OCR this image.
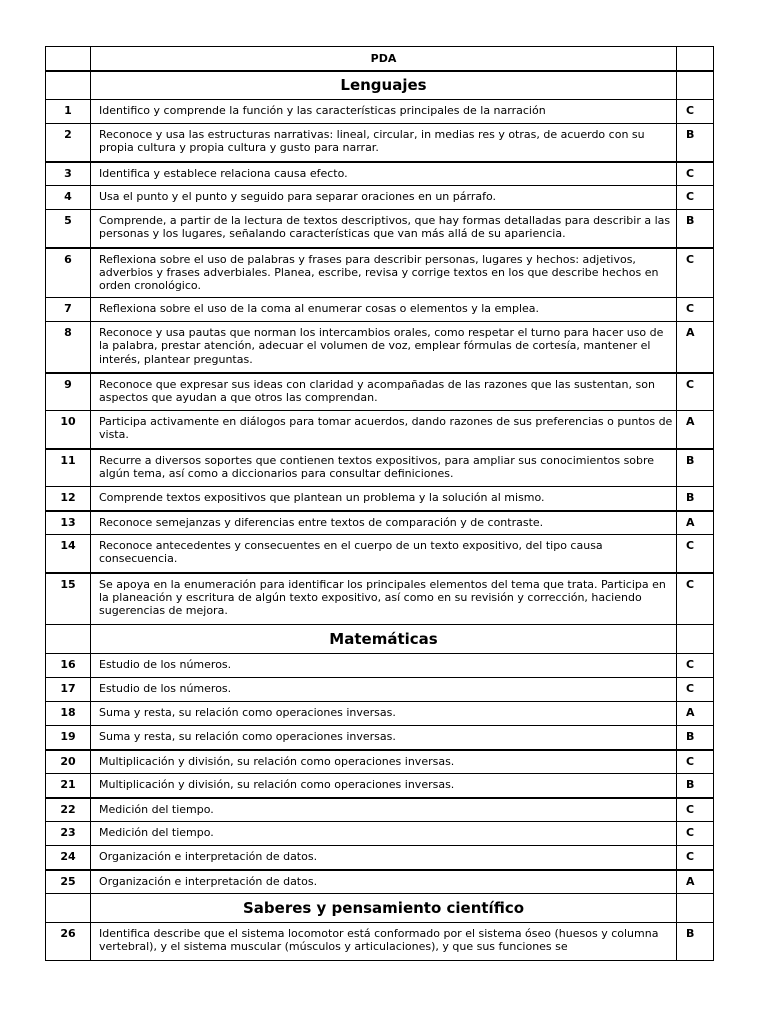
	PDA	
	Lenguajes	
1	Identifico y comprende la función y las características principales de la narración	C
2	Reconoce y usa las estructuras narrativas: lineal, circular, in medias res y otras, de acuerdo con su propia cultura y propia cultura y gusto para narrar.	B
3	Identifica y establece relaciona causa efecto.	C
4	Usa el punto y el punto y seguido para separar oraciones en un párrafo.	C
5	Comprende, a partir de la lectura de textos descriptivos, que hay formas detalladas para describir a las personas y los lugares, señalando características que van más allá de su apariencia.	B
6	Reflexiona sobre el uso de palabras y frases para describir personas, lugares y hechos: adjetivos, adverbios y frases adverbiales. Planea, escribe, revisa y corrige textos en los que describe hechos en orden cronológico.	C
7	Reflexiona sobre el uso de la coma al enumerar cosas o elementos y la emplea.	C
8	Reconoce y usa pautas que norman los intercambios orales, como respetar el turno para hacer uso de la palabra, prestar atención, adecuar el volumen de voz, emplear fórmulas de cortesía, mantener el interés, plantear preguntas.	A
9	Reconoce que expresar sus ideas con claridad y acompañadas de las razones que las sustentan, son aspectos que ayudan a que otros las comprendan.	C
10	Participa activamente en diálogos para tomar acuerdos, dando razones de sus preferencias o puntos de vista.	A
11	Recurre a diversos soportes que contienen textos expositivos, para ampliar sus conocimientos sobre algún tema, así como a diccionarios para consultar definiciones.	B
12	Comprende textos expositivos que plantean un problema y la solución al mismo.	B
13	Reconoce semejanzas y diferencias entre textos de comparación y de contraste.	A
14	Reconoce antecedentes y consecuentes en el cuerpo de un texto expositivo, del tipo causa consecuencia.	C
15	Se apoya en la enumeración para identificar los principales elementos del tema que trata. Participa en la planeación y escritura de algún texto expositivo, así como en su revisión y corrección, haciendo sugerencias de mejora.	C
	Matemáticas	
16	Estudio de los números.	C
17	Estudio de los números.	C
18	Suma y resta, su relación como operaciones inversas.	A
19	Suma y resta, su relación como operaciones inversas.	B
20	Multiplicación y división, su relación como operaciones inversas.	C
21	Multiplicación y división, su relación como operaciones inversas.	B
22	Medición del tiempo.	C
23	Medición del tiempo.	C
24	Organización e interpretación de datos.	C
25	Organización e interpretación de datos.	A
	Saberes y pensamiento científico	
26	Identifica describe que el sistema locomotor está conformado por el sistema óseo (huesos y columna vertebral), y el sistema muscular (músculos y articulaciones), y que sus funciones se	B
